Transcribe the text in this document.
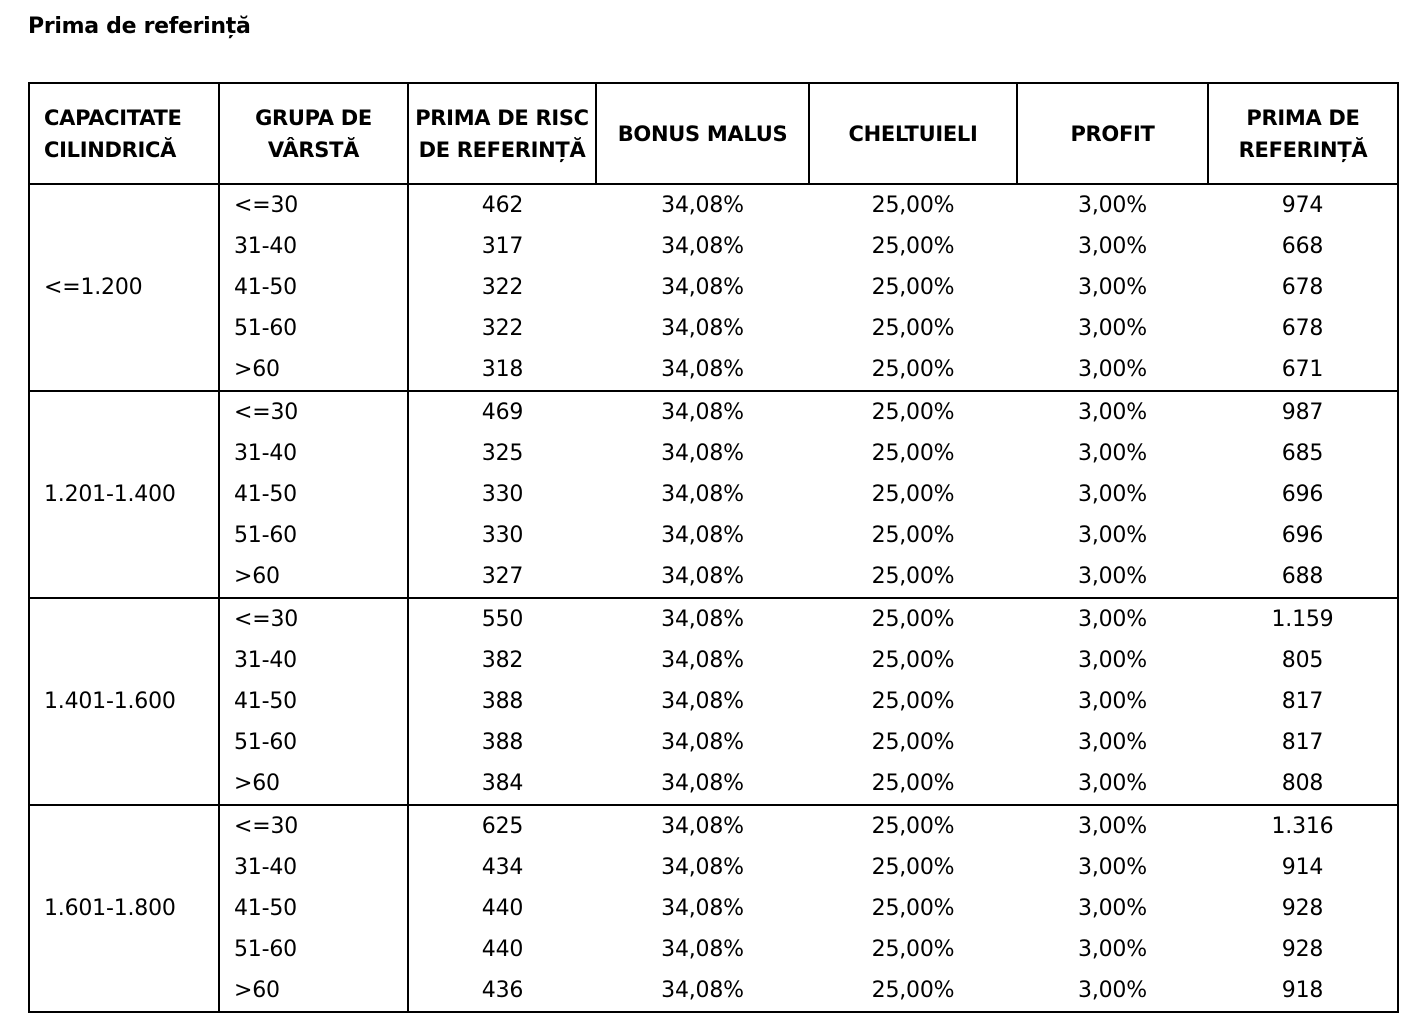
Prima de referință
CAPACITATE CILINDRICĂ	GRUPA DE VÂRSTĂ	PRIMA DE RISC DE REFERINȚĂ	BONUS MALUS	CHELTUIELI	PROFIT	PRIMA DE REFERINȚĂ
<=1.200	<=30	462	34,08%	25,00%	3,00%	974
	31-40	317	34,08%	25,00%	3,00%	668
	41-50	322	34,08%	25,00%	3,00%	678
	51-60	322	34,08%	25,00%	3,00%	678
	>60	318	34,08%	25,00%	3,00%	671
1.201-1.400	<=30	469	34,08%	25,00%	3,00%	987
	31-40	325	34,08%	25,00%	3,00%	685
	41-50	330	34,08%	25,00%	3,00%	696
	51-60	330	34,08%	25,00%	3,00%	696
	>60	327	34,08%	25,00%	3,00%	688
1.401-1.600	<=30	550	34,08%	25,00%	3,00%	1.159
	31-40	382	34,08%	25,00%	3,00%	805
	41-50	388	34,08%	25,00%	3,00%	817
	51-60	388	34,08%	25,00%	3,00%	817
	>60	384	34,08%	25,00%	3,00%	808
1.601-1.800	<=30	625	34,08%	25,00%	3,00%	1.316
	31-40	434	34,08%	25,00%	3,00%	914
	41-50	440	34,08%	25,00%	3,00%	928
	51-60	440	34,08%	25,00%	3,00%	928
	>60	436	34,08%	25,00%	3,00%	918
